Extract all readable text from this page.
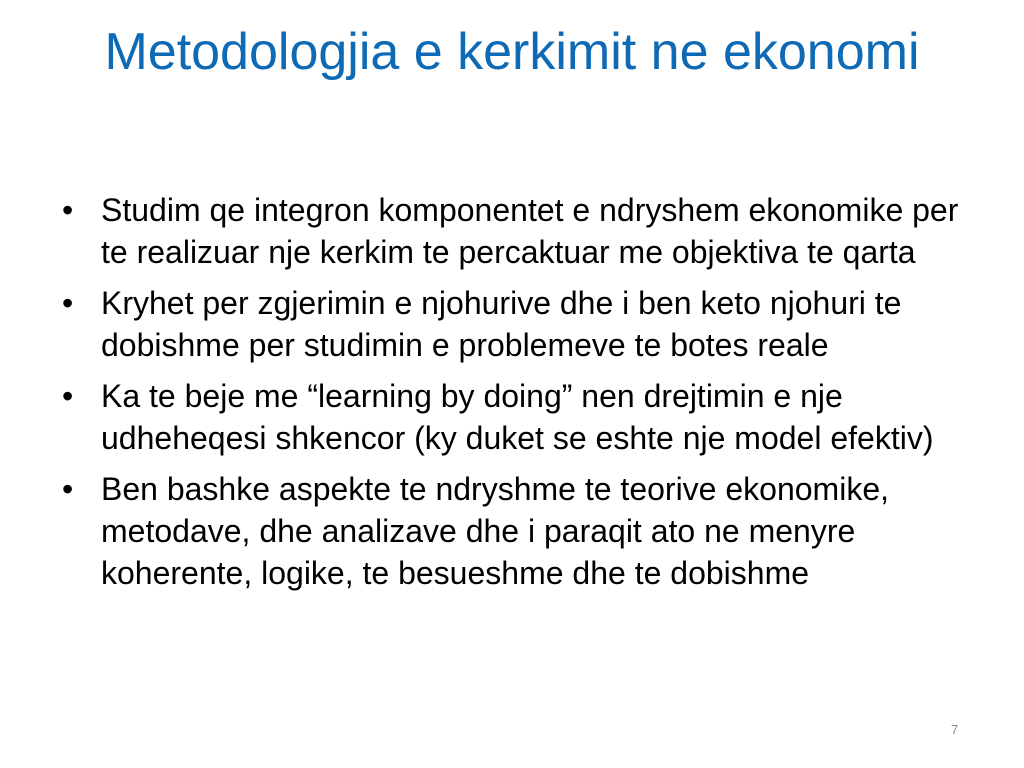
Metodologjia e kerkimit ne ekonomi
• Studim qe integron komponentet e ndryshem ekonomike per te realizuar nje kerkim te percaktuar me objektiva te qarta
• Kryhet per zgjerimin e njohurive dhe i ben keto njohuri te dobishme per studimin e problemeve te botes reale
• Ka te beje me “learning by doing” nen drejtimin e nje udheheqesi shkencor (ky duket se eshte nje model efektiv)
• Ben bashke aspekte te ndryshme te teorive ekonomike, metodave, dhe analizave dhe i paraqit ato ne menyre koherente, logike, te besueshme dhe te dobishme
7
